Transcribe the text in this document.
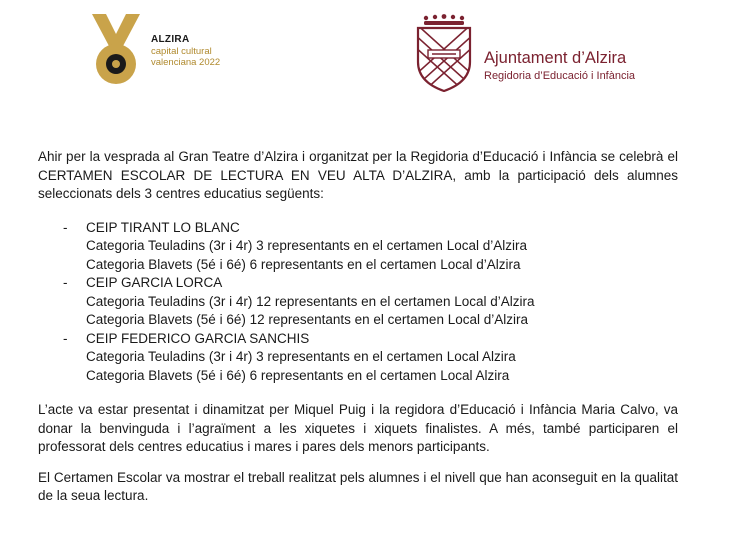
ALZIRA
capital cultural
valenciana 2022	Ajuntament d’Alzira
Regidoria d’Educació i Infància

Ahir per la vesprada al Gran Teatre d’Alzira i organitzat per la Regidoria d’Educació i Infància se celebrà el CERTAMEN ESCOLAR DE LECTURA EN VEU ALTA D’ALZIRA, amb la participació dels alumnes seleccionats dels 3 centres educatius següents:

- CEIP TIRANT LO BLANC
Categoria Teuladins (3r i 4r) 3 representants en el certamen Local d’Alzira
Categoria Blavets (5é i 6é) 6 representants en el certamen Local d’Alzira
- CEIP GARCIA LORCA
Categoria Teuladins (3r i 4r) 12 representants en el certamen Local d’Alzira
Categoria Blavets (5é i 6é) 12 representants en el certamen Local d’Alzira
- CEIP FEDERICO GARCIA SANCHIS
Categoria Teuladins (3r i 4r) 3 representants en el certamen Local Alzira
Categoria Blavets (5é i 6é) 6 representants en el certamen Local Alzira

L’acte va estar presentat i dinamitzat per Miquel Puig i la regidora d’Educació i Infància Maria Calvo, va donar la benvinguda i l’agraïment a les xiquetes i xiquets finalistes. A més, també participaren el professorat dels centres educatius i mares i pares dels menors participants.

El Certamen Escolar va mostrar el treball realitzat pels alumnes i el nivell que han aconseguit en la qualitat de la seua lectura.
